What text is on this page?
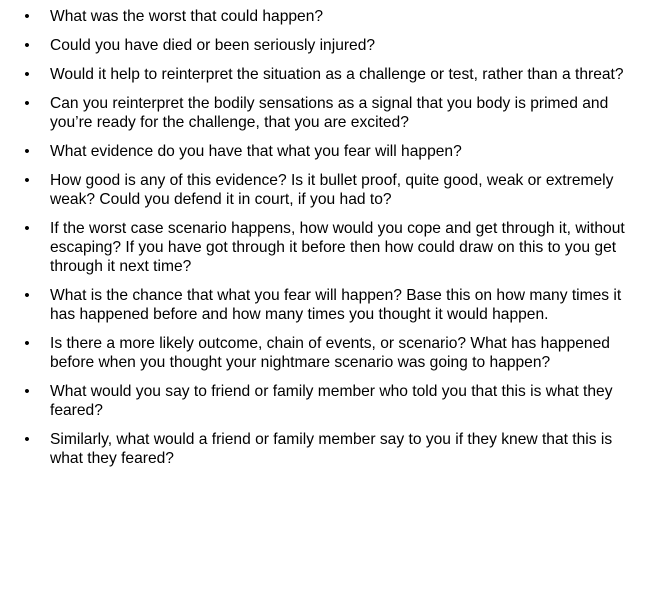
• What was the worst that could happen?
• Could you have died or been seriously injured?
• Would it help to reinterpret the situation as a challenge or test, rather than a threat?
• Can you reinterpret the bodily sensations as a signal that you body is primed and you’re ready for the challenge, that you are excited?
• What evidence do you have that what you fear will happen?
• How good is any of this evidence? Is it bullet proof, quite good, weak or extremely weak? Could you defend it in court, if you had to?
• If the worst case scenario happens, how would you cope and get through it, without escaping? If you have got through it before then how could draw on this to you get through it next time?
• What is the chance that what you fear will happen? Base this on how many times it has happened before and how many times you thought it would happen.
• Is there a more likely outcome, chain of events, or scenario? What has happened before when you thought your nightmare scenario was going to happen?
• What would you say to friend or family member who told you that this is what they feared?
• Similarly, what would a friend or family member say to you if they knew that this is what they feared?
